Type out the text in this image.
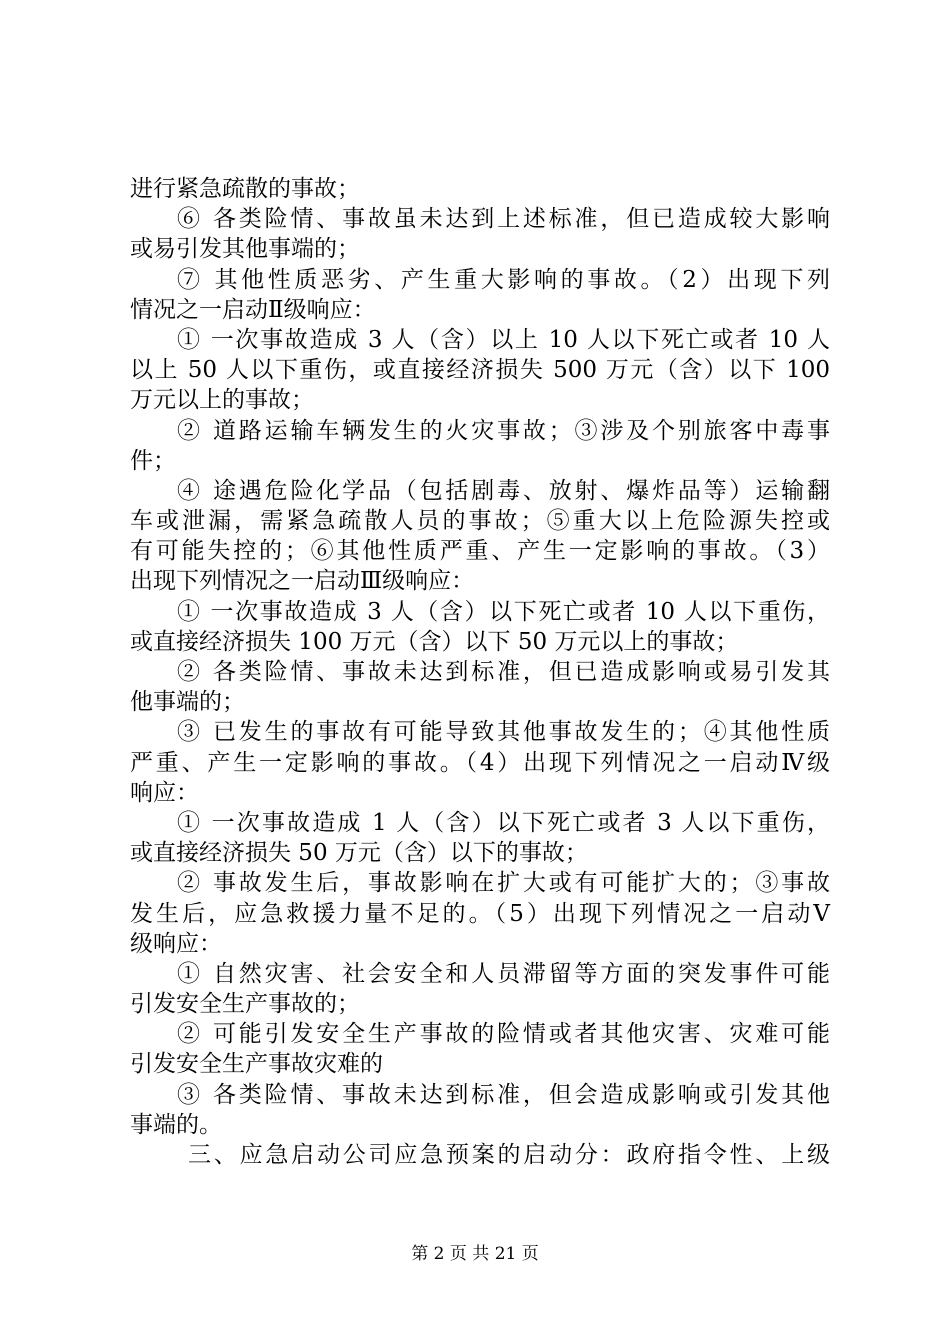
进行紧急疏散的事故；
⑥ 各类险情、事故虽未达到上述标准，但已造成较大影响
或易引发其他事端的；
⑦ 其他性质恶劣、产生重大影响的事故。（2）出现下列
情况之一启动Ⅱ级响应：
① 一次事故造成 3 人（含）以上 10 人以下死亡或者 10 人
以上 50 人以下重伤，或直接经济损失 500 万元（含）以下 100
万元以上的事故；
② 道路运输车辆发生的火灾事故；③涉及个别旅客中毒事
件；
④ 途遇危险化学品（包括剧毒、放射、爆炸品等）运输翻
车或泄漏，需紧急疏散人员的事故；⑤重大以上危险源失控或
有可能失控的；⑥其他性质严重、产生一定影响的事故。（3）
出现下列情况之一启动Ⅲ级响应：
① 一次事故造成 3 人（含）以下死亡或者 10 人以下重伤，
或直接经济损失 100 万元（含）以下 50 万元以上的事故；
② 各类险情、事故未达到标准，但已造成影响或易引发其
他事端的；
③ 已发生的事故有可能导致其他事故发生的；④其他性质
严重、产生一定影响的事故。（4）出现下列情况之一启动Ⅳ级
响应：
① 一次事故造成 1 人（含）以下死亡或者 3 人以下重伤，
或直接经济损失 50 万元（含）以下的事故；
② 事故发生后，事故影响在扩大或有可能扩大的；③事故
发生后，应急救援力量不足的。（5）出现下列情况之一启动Ⅴ
级响应：
① 自然灾害、社会安全和人员滞留等方面的突发事件可能
引发安全生产事故的；
② 可能引发安全生产事故的险情或者其他灾害、灾难可能
引发安全生产事故灾难的
③ 各类险情、事故未达到标准，但会造成影响或引发其他
事端的。
三、应急启动公司应急预案的启动分：政府指令性、上级
第 2 页 共 21 页
